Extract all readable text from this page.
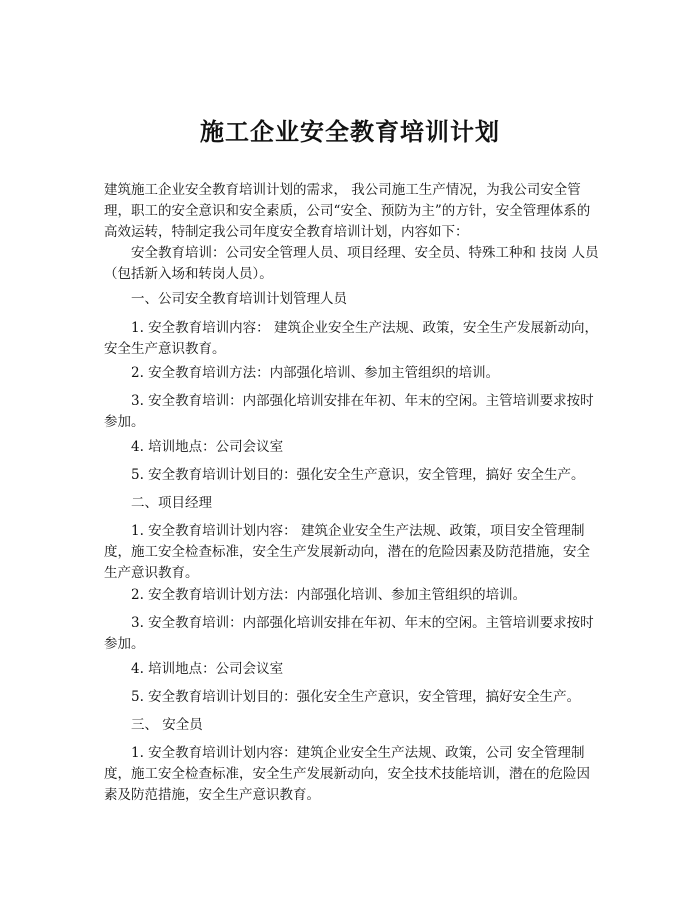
施工企业安全教育培训计划

建筑施工企业安全教育培训计划的需求， 我公司施工生产情况，为我公司安全管理，职工的安全意识和安全素质，公司“安全、预防为主”的方针，安全管理体系的高效运转，特制定我公司年度安全教育培训计划，内容如下：

安全教育培训：公司安全管理人员、项目经理、安全员、特殊工种和 技岗 人员（包括新入场和转岗人员）。

一、公司安全教育培训计划管理人员

1. 安全教育培训内容： 建筑企业安全生产法规、政策，安全生产发展新动向，安全生产意识教育。

2. 安全教育培训方法：内部强化培训、参加主管组织的培训。

3. 安全教育培训：内部强化培训安排在年初、年末的空闲。主管培训要求按时参加。

4. 培训地点：公司会议室

5. 安全教育培训计划目的：强化安全生产意识，安全管理，搞好 安全生产。

二、项目经理

1. 安全教育培训计划内容： 建筑企业安全生产法规、政策，项目安全管理制度，施工安全检查标准，安全生产发展新动向，潜在的危险因素及防范措施，安全生产意识教育。

2. 安全教育培训计划方法：内部强化培训、参加主管组织的培训。

3. 安全教育培训：内部强化培训安排在年初、年末的空闲。主管培训要求按时参加。

4. 培训地点：公司会议室

5. 安全教育培训计划目的：强化安全生产意识，安全管理，搞好安全生产。

三、 安全员

1. 安全教育培训计划内容：建筑企业安全生产法规、政策，公司 安全管理制度，施工安全检查标准，安全生产发展新动向，安全技术技能培训，潜在的危险因素及防范措施，安全生产意识教育。
